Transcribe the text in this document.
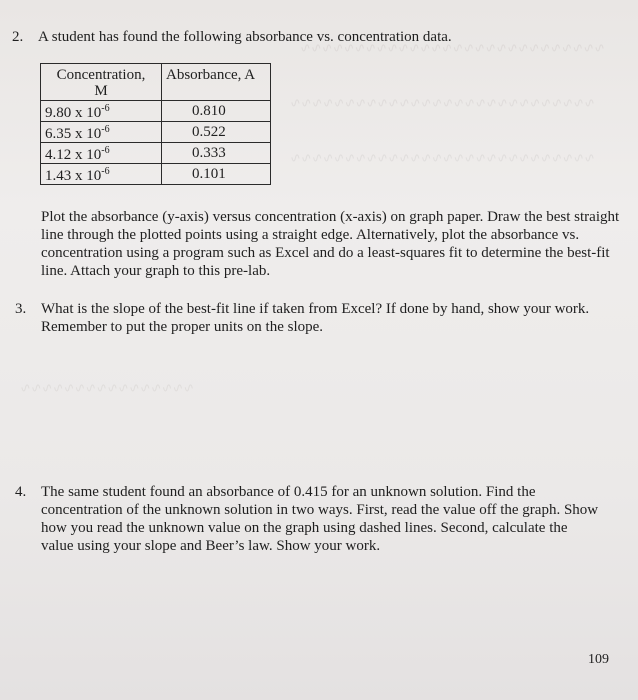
∿∿∿∿∿∿∿∿∿∿∿∿∿∿∿∿∿∿∿∿∿∿∿∿∿∿∿∿
∿∿∿∿∿∿∿∿∿∿∿∿∿∿∿∿∿∿∿∿∿∿∿∿∿∿∿∿
∿∿∿∿∿∿∿∿∿∿∿∿∿∿∿∿∿∿∿∿∿∿∿∿∿∿∿∿
∿∿∿∿∿∿∿∿∿∿∿∿∿∿∿∿
2. A student has found the following absorbance vs. concentration data.
Concentration,
M	Absorbance, A
9.80 x $10^{-6}$	0.810
6.35 x $10^{-6}$	0.522
4.12 x $10^{-6}$	0.333
1.43 x $10^{-6}$	0.101
Plot the absorbance (y-axis) versus concentration (x-axis) on graph paper. Draw the best straight line through the plotted points using a straight edge. Alternatively, plot the absorbance vs. concentration using a program such as Excel and do a least-squares fit to determine the best-fit line. Attach your graph to this pre-lab.
3. What is the slope of the best-fit line if taken from Excel? If done by hand, show your work. Remember to put the proper units on the slope.
4. The same student found an absorbance of 0.415 for an unknown solution. Find the concentration of the unknown solution in two ways. First, read the value off the graph. Show how you read the unknown value on the graph using dashed lines. Second, calculate the value using your slope and Beer’s law. Show your work.
109
